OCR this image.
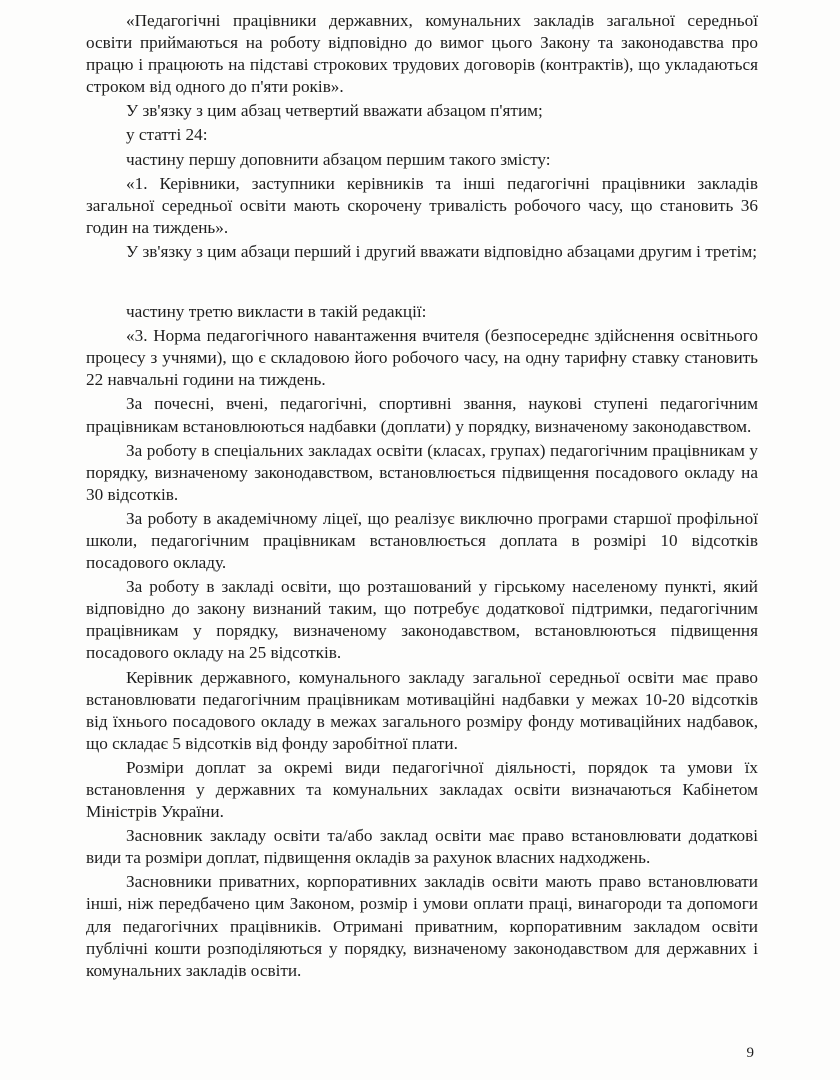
«Педагогічні працівники державних, комунальних закладів загальної середньої освіти приймаються на роботу відповідно до вимог цього Закону та законодавства про працю і працюють на підставі строкових трудових договорів (контрактів), що укладаються строком від одного до п'яти років».

У зв'язку з цим абзац четвертий вважати абзацом п'ятим;

у статті 24:

частину першу доповнити абзацом першим такого змісту:

«1. Керівники, заступники керівників та інші педагогічні працівники закладів загальної середньої освіти мають скорочену тривалість робочого часу, що становить 36 годин на тиждень».

У зв'язку з цим абзаци перший і другий вважати відповідно абзацами другим і третім;

частину третю викласти в такій редакції:

«3. Норма педагогічного навантаження вчителя (безпосереднє здійснення освітнього процесу з учнями), що є складовою його робочого часу, на одну тарифну ставку становить 22 навчальні години на тиждень.

За почесні, вчені, педагогічні, спортивні звання, наукові ступені педагогічним працівникам встановлюються надбавки (доплати) у порядку, визначеному законодавством.

За роботу в спеціальних закладах освіти (класах, групах) педагогічним працівникам у порядку, визначеному законодавством, встановлюється підвищення посадового окладу на 30 відсотків.

За роботу в академічному ліцеї, що реалізує виключно програми старшої профільної школи, педагогічним працівникам встановлюється доплата в розмірі 10 відсотків посадового окладу.

За роботу в закладі освіти, що розташований у гірському населеному пункті, який відповідно до закону визнаний таким, що потребує додаткової підтримки, педагогічним працівникам у порядку, визначеному законодавством, встановлюються підвищення посадового окладу на 25 відсотків.

Керівник державного, комунального закладу загальної середньої освіти має право встановлювати педагогічним працівникам мотиваційні надбавки у межах 10-20 відсотків від їхнього посадового окладу в межах загального розміру фонду мотиваційних надбавок, що складає 5 відсотків від фонду заробітної плати.

Розміри доплат за окремі види педагогічної діяльності, порядок та умови їх встановлення у державних та комунальних закладах освіти визначаються Кабінетом Міністрів України.

Засновник закладу освіти та/або заклад освіти має право встановлювати додаткові види та розміри доплат, підвищення окладів за рахунок власних надходжень.

Засновники приватних, корпоративних закладів освіти мають право встановлювати інші, ніж передбачено цим Законом, розмір і умови оплати праці, винагороди та допомоги для педагогічних працівників. Отримані приватним, корпоративним закладом освіти публічні кошти розподіляються у порядку, визначеному законодавством для державних і комунальних закладів освіти.

9
